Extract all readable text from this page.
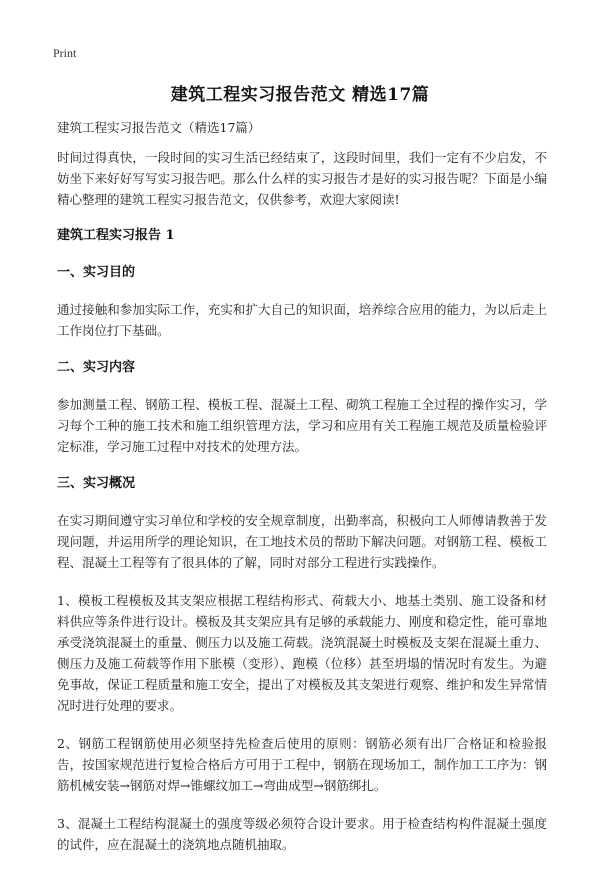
Print
建筑工程实习报告范文 精选17篇
建筑工程实习报告范文（精选17篇）

时间过得真快，一段时间的实习生活已经结束了，这段时间里，我们一定有不少启发，不妨坐下来好好写写实习报告吧。那么什么样的实习报告才是好的实习报告呢？下面是小编精心整理的建筑工程实习报告范文，仅供参考，欢迎大家阅读!

建筑工程实习报告 1
一、实习目的

通过接触和参加实际工作，充实和扩大自己的知识面，培养综合应用的能力，为以后走上工作岗位打下基础。

二、实习内容

参加测量工程、钢筋工程、模板工程、混凝土工程、砌筑工程施工全过程的操作实习，学习每个工种的施工技术和施工组织管理方法，学习和应用有关工程施工规范及质量检验评定标准，学习施工过程中对技术的处理方法。

三、实习概况

在实习期间遵守实习单位和学校的安全规章制度，出勤率高，积极向工人师傅请教善于发现问题，并运用所学的理论知识，在工地技术员的帮助下解决问题。对钢筋工程、模板工程、混凝土工程等有了很具体的了解，同时对部分工程进行实践操作。

1、模板工程模板及其支架应根据工程结构形式、荷载大小、地基土类别、施工设备和材料供应等条件进行设计。模板及其支架应具有足够的承载能力、刚度和稳定性，能可靠地承受浇筑混凝土的重量、侧压力以及施工荷载。浇筑混凝土时模板及支架在混凝土重力、侧压力及施工荷载等作用下胀模（变形）、跑模（位移）甚至坍塌的情况时有发生。为避免事故，保证工程质量和施工安全，提出了对模板及其支架进行观察、维护和发生异常情况时进行处理的要求。

2、钢筋工程钢筋使用必须坚持先检查后使用的原则：钢筋必须有出厂合格证和检验报告，按国家规范进行复检合格后方可用于工程中，钢筋在现场加工，制作加工工序为：钢筋机械安装→钢筋对焊→锥螺纹加工→弯曲成型→钢筋绑扎。

3、混凝土工程结构混凝土的强度等级必须符合设计要求。用于检查结构构件混凝土强度的试件，应在混凝土的浇筑地点随机抽取。
